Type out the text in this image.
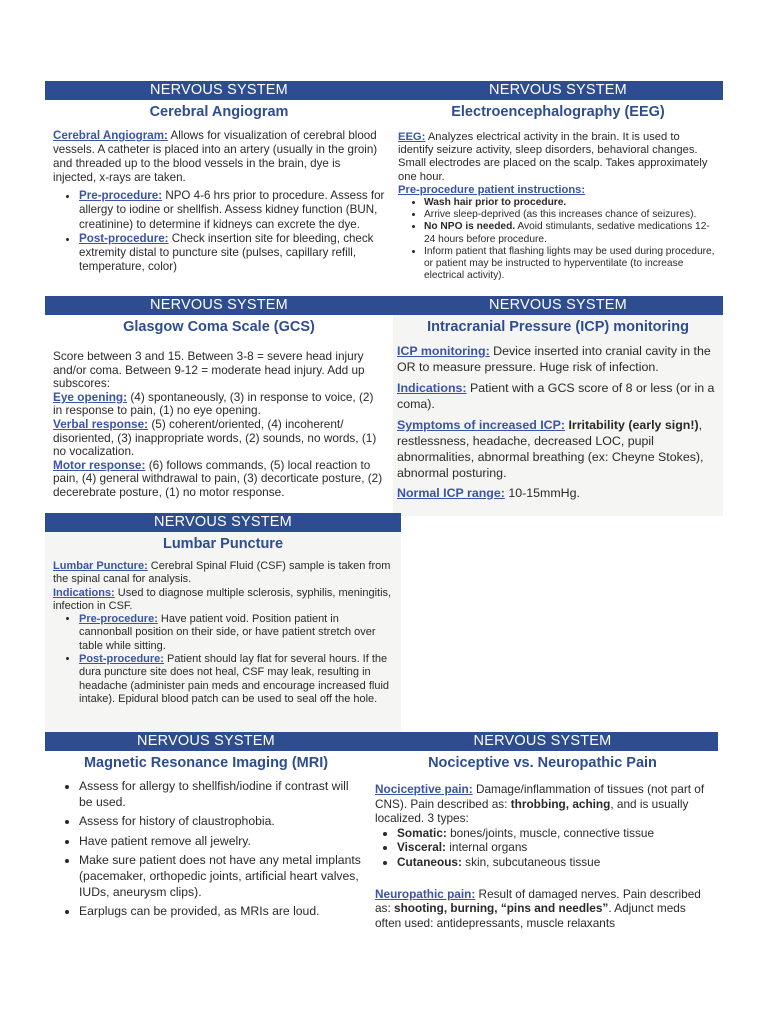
NERVOUS SYSTEM
Cerebral Angiogram

Cerebral Angiogram: Allows for visualization of cerebral blood vessels. A catheter is placed into an artery (usually in the groin) and threaded up to the blood vessels in the brain, dye is injected, x-rays are taken.

• Pre-procedure: NPO 4-6 hrs prior to procedure. Assess for allergy to iodine or shellfish. Assess kidney function (BUN, creatinine) to determine if kidneys can excrete the dye.
• Post-procedure: Check insertion site for bleeding, check extremity distal to puncture site (pulses, capillary refill, temperature, color)
NERVOUS SYSTEM
Electroencephalography (EEG)

EEG: Analyzes electrical activity in the brain. It is used to identify seizure activity, sleep disorders, behavioral changes. Small electrodes are placed on the scalp. Takes approximately one hour.

Pre-procedure patient instructions:

• Wash hair prior to procedure.
• Arrive sleep-deprived (as this increases chance of seizures).
• No NPO is needed. Avoid stimulants, sedative medications 12-24 hours before procedure.
• Inform patient that flashing lights may be used during procedure, or patient may be instructed to hyperventilate (to increase electrical activity).
NERVOUS SYSTEM
Glasgow Coma Scale (GCS)

Score between 3 and 15. Between 3-8 = severe head injury and/or coma. Between 9-12 = moderate head injury. Add up subscores:

Eye opening: (4) spontaneously, (3) in response to voice, (2) in response to pain, (1) no eye opening.

Verbal response: (5) coherent/oriented, (4) incoherent/ disoriented, (3) inappropriate words, (2) sounds, no words, (1) no vocalization.

Motor response: (6) follows commands, (5) local reaction to pain, (4) general withdrawal to pain, (3) decorticate posture, (2) decerebrate posture, (1) no motor response.

NERVOUS SYSTEM
Intracranial Pressure (ICP) monitoring

ICP monitoring: Device inserted into cranial cavity in the OR to measure pressure. Huge risk of infection.

Indications: Patient with a GCS score of 8 or less (or in a coma).

Symptoms of increased ICP: Irritability (early sign!), restlessness, headache, decreased LOC, pupil abnormalities, abnormal breathing (ex: Cheyne Stokes), abnormal posturing.

Normal ICP range: 10-15mmHg.

NERVOUS SYSTEM
Lumbar Puncture

Lumbar Puncture: Cerebral Spinal Fluid (CSF) sample is taken from the spinal canal for analysis.

Indications: Used to diagnose multiple sclerosis, syphilis, meningitis, infection in CSF.

• Pre-procedure: Have patient void. Position patient in cannonball position on their side, or have patient stretch over table while sitting.
• Post-procedure: Patient should lay flat for several hours. If the dura puncture site does not heal, CSF may leak, resulting in headache (administer pain meds and encourage increased fluid intake). Epidural blood patch can be used to seal off the hole.
NERVOUS SYSTEM
Magnetic Resonance Imaging (MRI)
• Assess for allergy to shellfish/iodine if contrast will be used.
• Assess for history of claustrophobia.
• Have patient remove all jewelry.
• Make sure patient does not have any metal implants (pacemaker, orthopedic joints, artificial heart valves, IUDs, aneurysm clips).
• Earplugs can be provided, as MRIs are loud.
NERVOUS SYSTEM
Nociceptive vs. Neuropathic Pain

Nociceptive pain: Damage/inflammation of tissues (not part of CNS). Pain described as: throbbing, aching, and is usually localized. 3 types:

• Somatic: bones/joints, muscle, connective tissue
• Visceral: internal organs
• Cutaneous: skin, subcutaneous tissue

Neuropathic pain: Result of damaged nerves. Pain described as: shooting, burning, “pins and needles”. Adjunct meds often used: antidepressants, muscle relaxants
